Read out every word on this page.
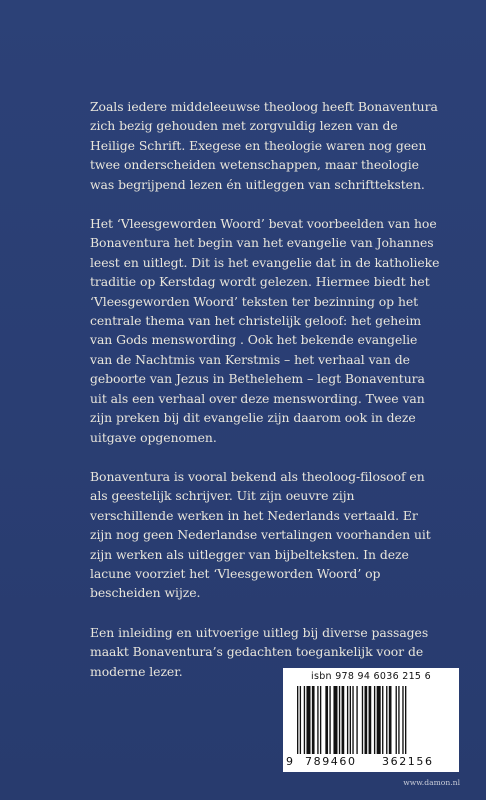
Zoals iedere middeleeuwse theoloog heeft Bonaventura zich bezig gehouden met zorgvuldig lezen van de Heilige Schrift. Exegese en theologie waren nog geen twee onderscheiden wetenschappen, maar theologie was begrijpend lezen én uitleggen van schriftteksten.

Het ‘Vleesgeworden Woord’ bevat voorbeelden van hoe Bonaventura het begin van het evangelie van Johannes leest en uitlegt. Dit is het evangelie dat in de katholieke traditie op Kerstdag wordt gelezen. Hiermee biedt het ‘Vleesgeworden Woord’ teksten ter bezinning op het centrale thema van het christelijk geloof: het geheim van Gods menswording . Ook het bekende evangelie van de Nachtmis van Kerstmis – het verhaal van de geboorte van Jezus in Bethelehem – legt Bonaventura uit als een verhaal over deze menswording. Twee van zijn preken bij dit evangelie zijn daarom ook in deze uitgave opgenomen.

Bonaventura is vooral bekend als theoloog-filosoof en als geestelijk schrijver. Uit zijn oeuvre zijn verschillende werken in het Nederlands vertaald. Er zijn nog geen Nederlandse vertalingen voorhanden uit zijn werken als uitlegger van bijbelteksten. In deze lacune voorziet het ‘Vleesgeworden Woord’ op bescheiden wijze.

Een inleiding en uitvoerige uitleg bij diverse passages maakt Bonaventura’s gedachten toegankelijk voor de moderne lezer.	isbn 978 94 6036 215 6
9 789460 362156
www.damon.nl
